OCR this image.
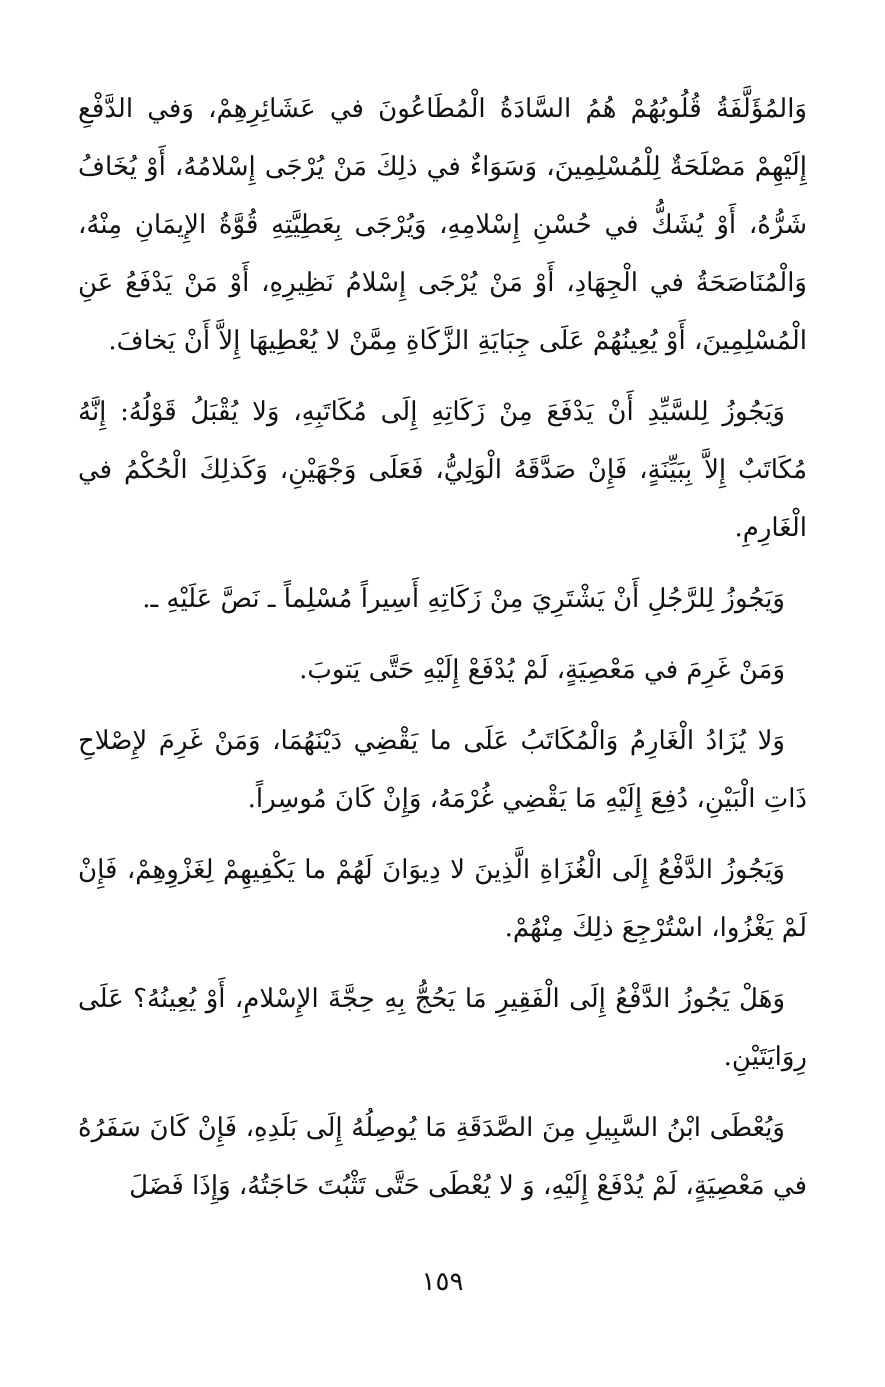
وَالمُؤَلَّفَةُ قُلُوبُهُمْ هُمُ السَّادَةُ الْمُطَاعُونَ في عَشَائِرِهِمْ، وَفي الدَّفْعِ إِلَيْهِمْ مَصْلَحَةٌ لِلْمُسْلِمِينَ، وَسَوَاءٌ في ذلِكَ مَنْ يُرْجَى إِسْلامُهُ، أَوْ يُخَافُ شَرُّهُ، أَوْ يُشَكُّ في حُسْنِ إِسْلامِهِ، وَيُرْجَى بِعَطِيَّتِهِ قُوَّةُ الإِيمَانِ مِنْهُ، وَالْمُنَاصَحَةُ في الْجِهَادِ، أَوْ مَنْ يُرْجَى إِسْلامُ نَظِيرِهِ، أَوْ مَنْ يَدْفَعُ عَنِ الْمُسْلِمِينَ، أَوْ يُعِينُهُمْ عَلَى جِبَايَةِ الزَّكَاةِ مِمَّنْ لا يُعْطِيهَا إِلاَّ أَنْ يَخافَ.

وَيَجُوزُ لِلسَّيِّدِ أَنْ يَدْفَعَ مِنْ زَكَاتِهِ إِلَى مُكَاتَبِهِ، وَلا يُقْبَلُ قَوْلُهُ: إِنَّهُ مُكَاتَبٌ إِلاَّ بِبَيِّنَةٍ، فَإِنْ صَدَّقَهُ الْوَلِيُّ، فَعَلَى وَجْهَيْنِ، وَكَذلِكَ الْحُكْمُ في الْغَارِمِ.

وَيَجُوزُ لِلرَّجُلِ أَنْ يَشْتَرِيَ مِنْ زَكَاتِهِ أَسِيراً مُسْلِماً ـ نَصَّ عَلَيْهِ ـ.

وَمَنْ غَرِمَ في مَعْصِيَةٍ، لَمْ يُدْفَعْ إِلَيْهِ حَتَّى يَتوبَ.

وَلا يُزَادُ الْغَارِمُ وَالْمُكَاتَبُ عَلَى ما يَقْضِي دَيْنَهُمَا، وَمَنْ غَرِمَ لإِصْلاحِ ذَاتِ الْبَيْنِ، دُفِعَ إِلَيْهِ مَا يَقْضِي غُرْمَهُ، وَإِنْ كَانَ مُوسِراً.

وَيَجُوزُ الدَّفْعُ إِلَى الْغُزَاةِ الَّذِينَ لا دِيوَانَ لَهُمْ ما يَكْفِيهِمْ لِغَزْوِهِمْ، فَإِنْ لَمْ يَغْزُوا، اسْتُرْجِعَ ذلِكَ مِنْهُمْ.

وَهَلْ يَجُوزُ الدَّفْعُ إِلَى الْفَقِيرِ مَا يَحُجُّ بِهِ حِجَّةَ الإِسْلامِ، أَوْ يُعِينُهُ؟ عَلَى رِوَايَتَيْنِ.

وَيُعْطَى ابْنُ السَّبِيلِ مِنَ الصَّدَقَةِ مَا يُوصِلُهُ إِلَى بَلَدِهِ، فَإِنْ كَانَ سَفَرُهُ في مَعْصِيَةٍ، لَمْ يُدْفَعْ إِلَيْهِ، وَ لا يُعْطَى حَتَّى تَثْبُتَ حَاجَتُهُ، وَإِذَا فَضَلَ

١٥٩
